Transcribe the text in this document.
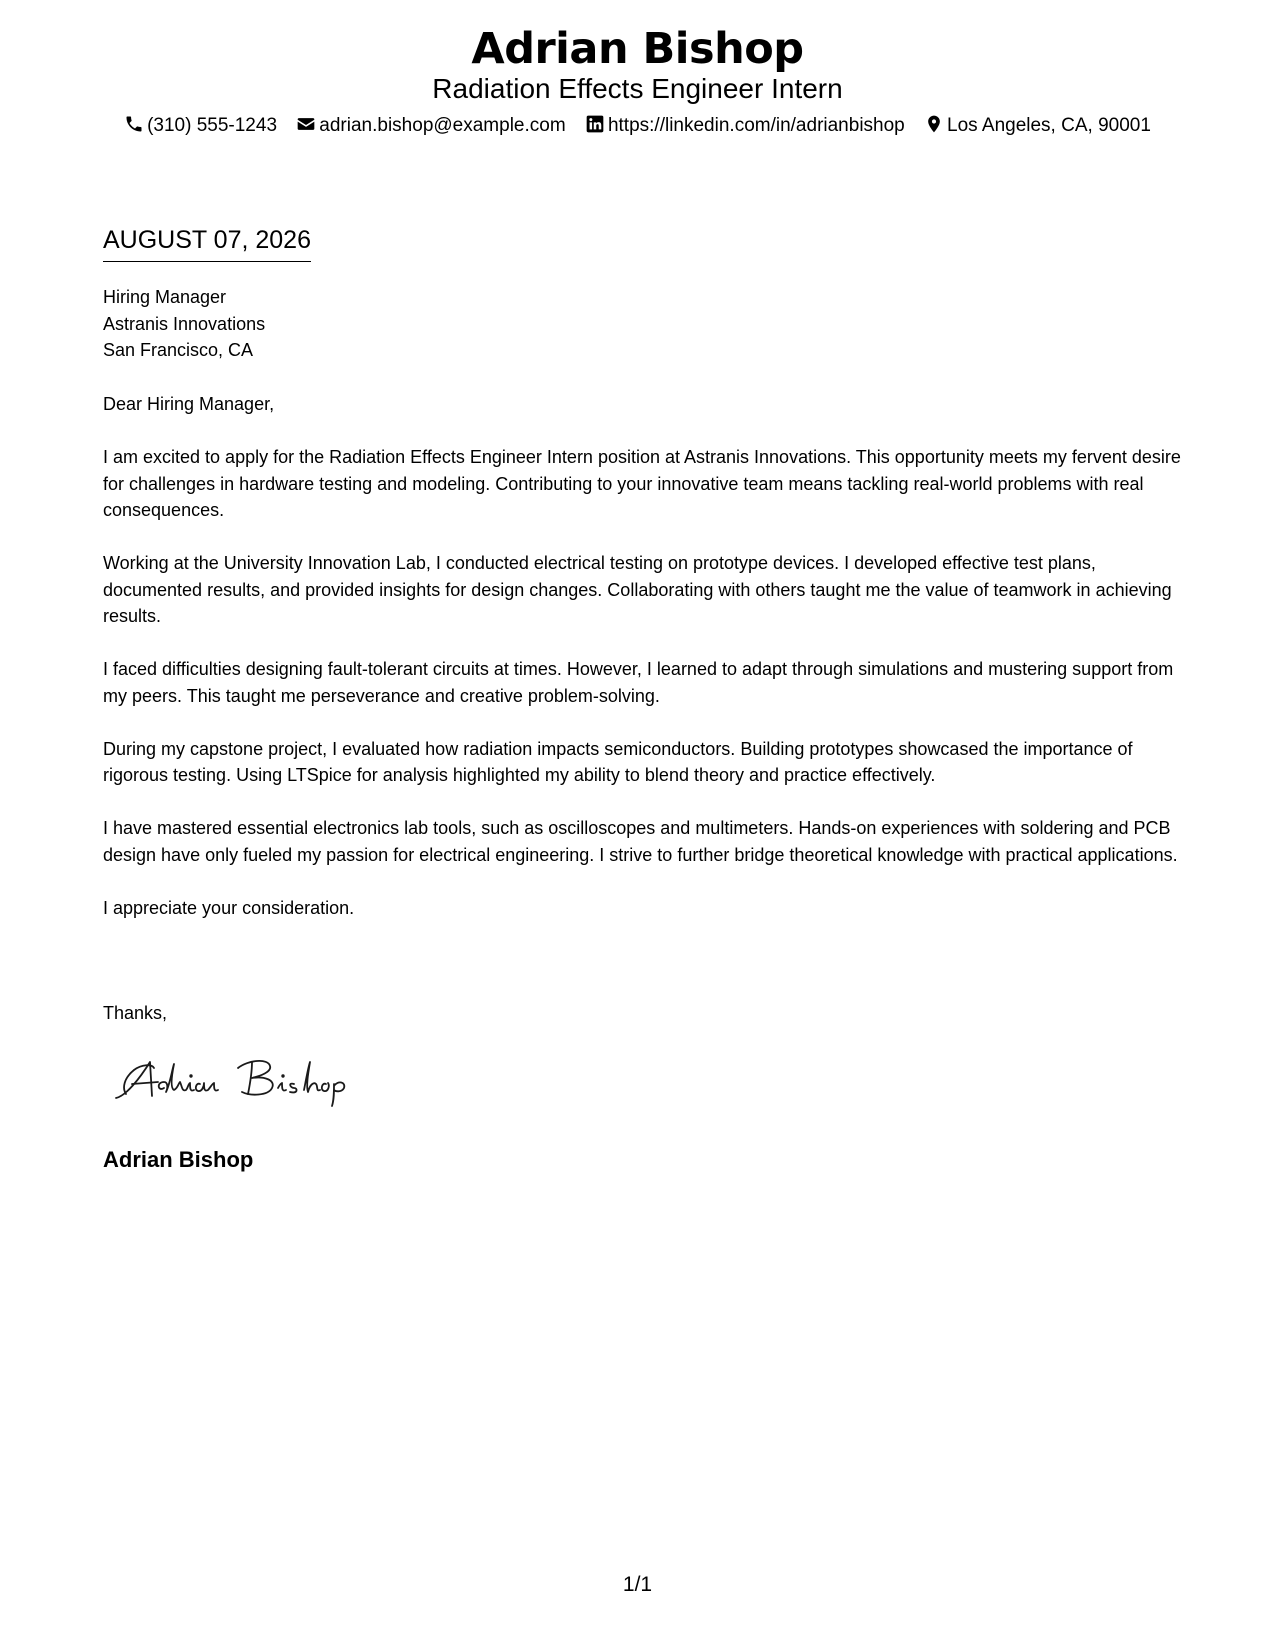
Adrian Bishop
Radiation Effects Engineer Intern
(310) 555-1243 adrian.bishop@example.com https://linkedin.com/in/adrianbishop Los Angeles, CA, 90001
AUGUST 07, 2026
Hiring Manager
Astranis Innovations
San Francisco, CA

Dear Hiring Manager,

I am excited to apply for the Radiation Effects Engineer Intern position at Astranis Innovations. This opportunity meets my fervent desire for challenges in hardware testing and modeling. Contributing to your innovative team means tackling real-world problems with real consequences.

Working at the University Innovation Lab, I conducted electrical testing on prototype devices. I developed effective test plans, documented results, and provided insights for design changes. Collaborating with others taught me the value of teamwork in achieving results.

I faced difficulties designing fault-tolerant circuits at times. However, I learned to adapt through simulations and mustering support from my peers. This taught me perseverance and creative problem-solving.

During my capstone project, I evaluated how radiation impacts semiconductors. Building prototypes showcased the importance of rigorous testing. Using LTSpice for analysis highlighted my ability to blend theory and practice effectively.

I have mastered essential electronics lab tools, such as oscilloscopes and multimeters. Hands-on experiences with soldering and PCB design have only fueled my passion for electrical engineering. I strive to further bridge theoretical knowledge with practical applications.

I appreciate your consideration.

Thanks,
Adrian Bishop
1/1
